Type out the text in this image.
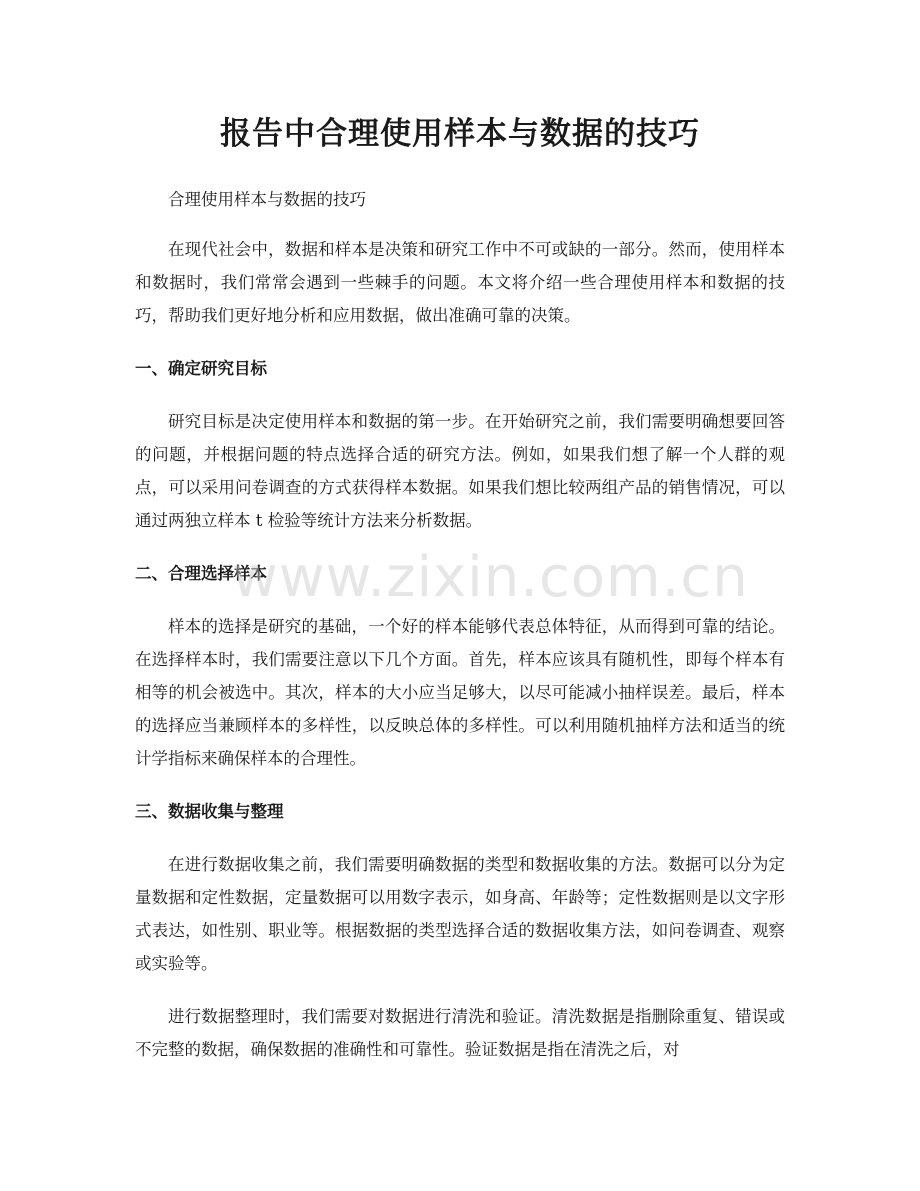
报告中合理使用样本与数据的技巧

合理使用样本与数据的技巧

在现代社会中，数据和样本是决策和研究工作中不可或缺的一部分。然而，使用样本和数据时，我们常常会遇到一些棘手的问题。本文将介绍一些合理使用样本和数据的技巧，帮助我们更好地分析和应用数据，做出准确可靠的决策。

一、确定研究目标

研究目标是决定使用样本和数据的第一步。在开始研究之前，我们需要明确想要回答的问题，并根据问题的特点选择合适的研究方法。例如，如果我们想了解一个人群的观点，可以采用问卷调查的方式获得样本数据。如果我们想比较两组产品的销售情况，可以通过两独立样本 t 检验等统计方法来分析数据。

二、合理选择样本

样本的选择是研究的基础，一个好的样本能够代表总体特征，从而得到可靠的结论。在选择样本时，我们需要注意以下几个方面。首先，样本应该具有随机性，即每个样本有相等的机会被选中。其次，样本的大小应当足够大，以尽可能减小抽样误差。最后，样本的选择应当兼顾样本的多样性，以反映总体的多样性。可以利用随机抽样方法和适当的统计学指标来确保样本的合理性。

三、数据收集与整理

在进行数据收集之前，我们需要明确数据的类型和数据收集的方法。数据可以分为定量数据和定性数据，定量数据可以用数字表示，如身高、年龄等；定性数据则是以文字形式表达，如性别、职业等。根据数据的类型选择合适的数据收集方法，如问卷调查、观察或实验等。

进行数据整理时，我们需要对数据进行清洗和验证。清洗数据是指删除重复、错误或不完整的数据，确保数据的准确性和可靠性。验证数据是指在清洗之后，对

www.zixin.com.cn
